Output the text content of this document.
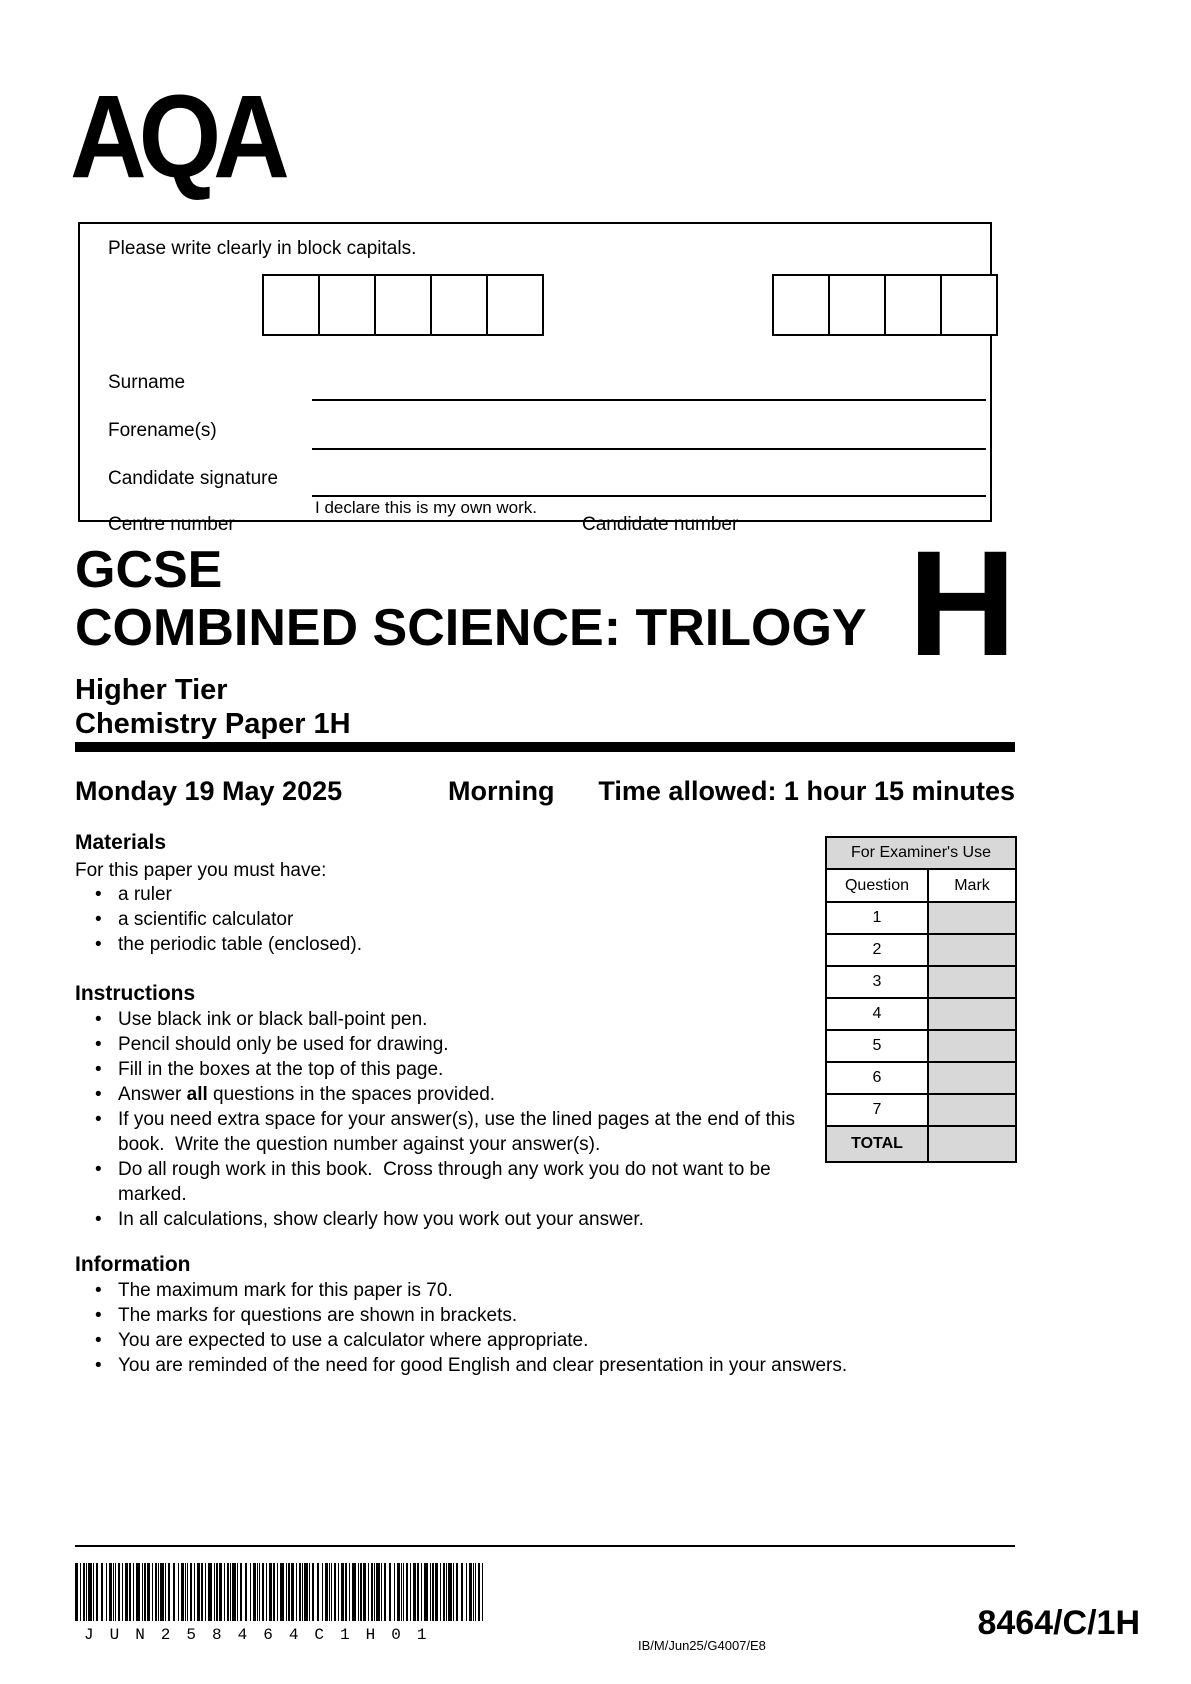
AQA
Please write clearly in block capitals.
Centre number	Candidate number
Surname
Forename(s)
Candidate signature
I declare this is my own work.
GCSE
COMBINED SCIENCE: TRILOGY H
Higher Tier
Chemistry Paper 1H
Monday 19 May 2025	Morning Time allowed: 1 hour 15 minutes
Materials
For this paper you must have:
• a ruler
• a scientific calculator
• the periodic table (enclosed).
Instructions
• Use black ink or black ball-point pen.
• Pencil should only be used for drawing.
• Fill in the boxes at the top of this page.
• Answer all questions in the spaces provided.
• If you need extra space for your answer(s), use the lined pages at the end of this book.  Write the question number against your answer(s).
• Do all rough work in this book.  Cross through any work you do not want to be marked.
• In all calculations, show clearly how you work out your answer.
Information
• The maximum mark for this paper is 70.
• The marks for questions are shown in brackets.
• You are expected to use a calculator where appropriate.
• You are reminded of the need for good English and clear presentation in your answers.
For Examiner's Use	
Question	Mark
1	
2	
3	
4	
5	
6	
7	
TOTAL	
JUN258464C1H01
IB/M/Jun25/G4007/E8
8464/C/1H
